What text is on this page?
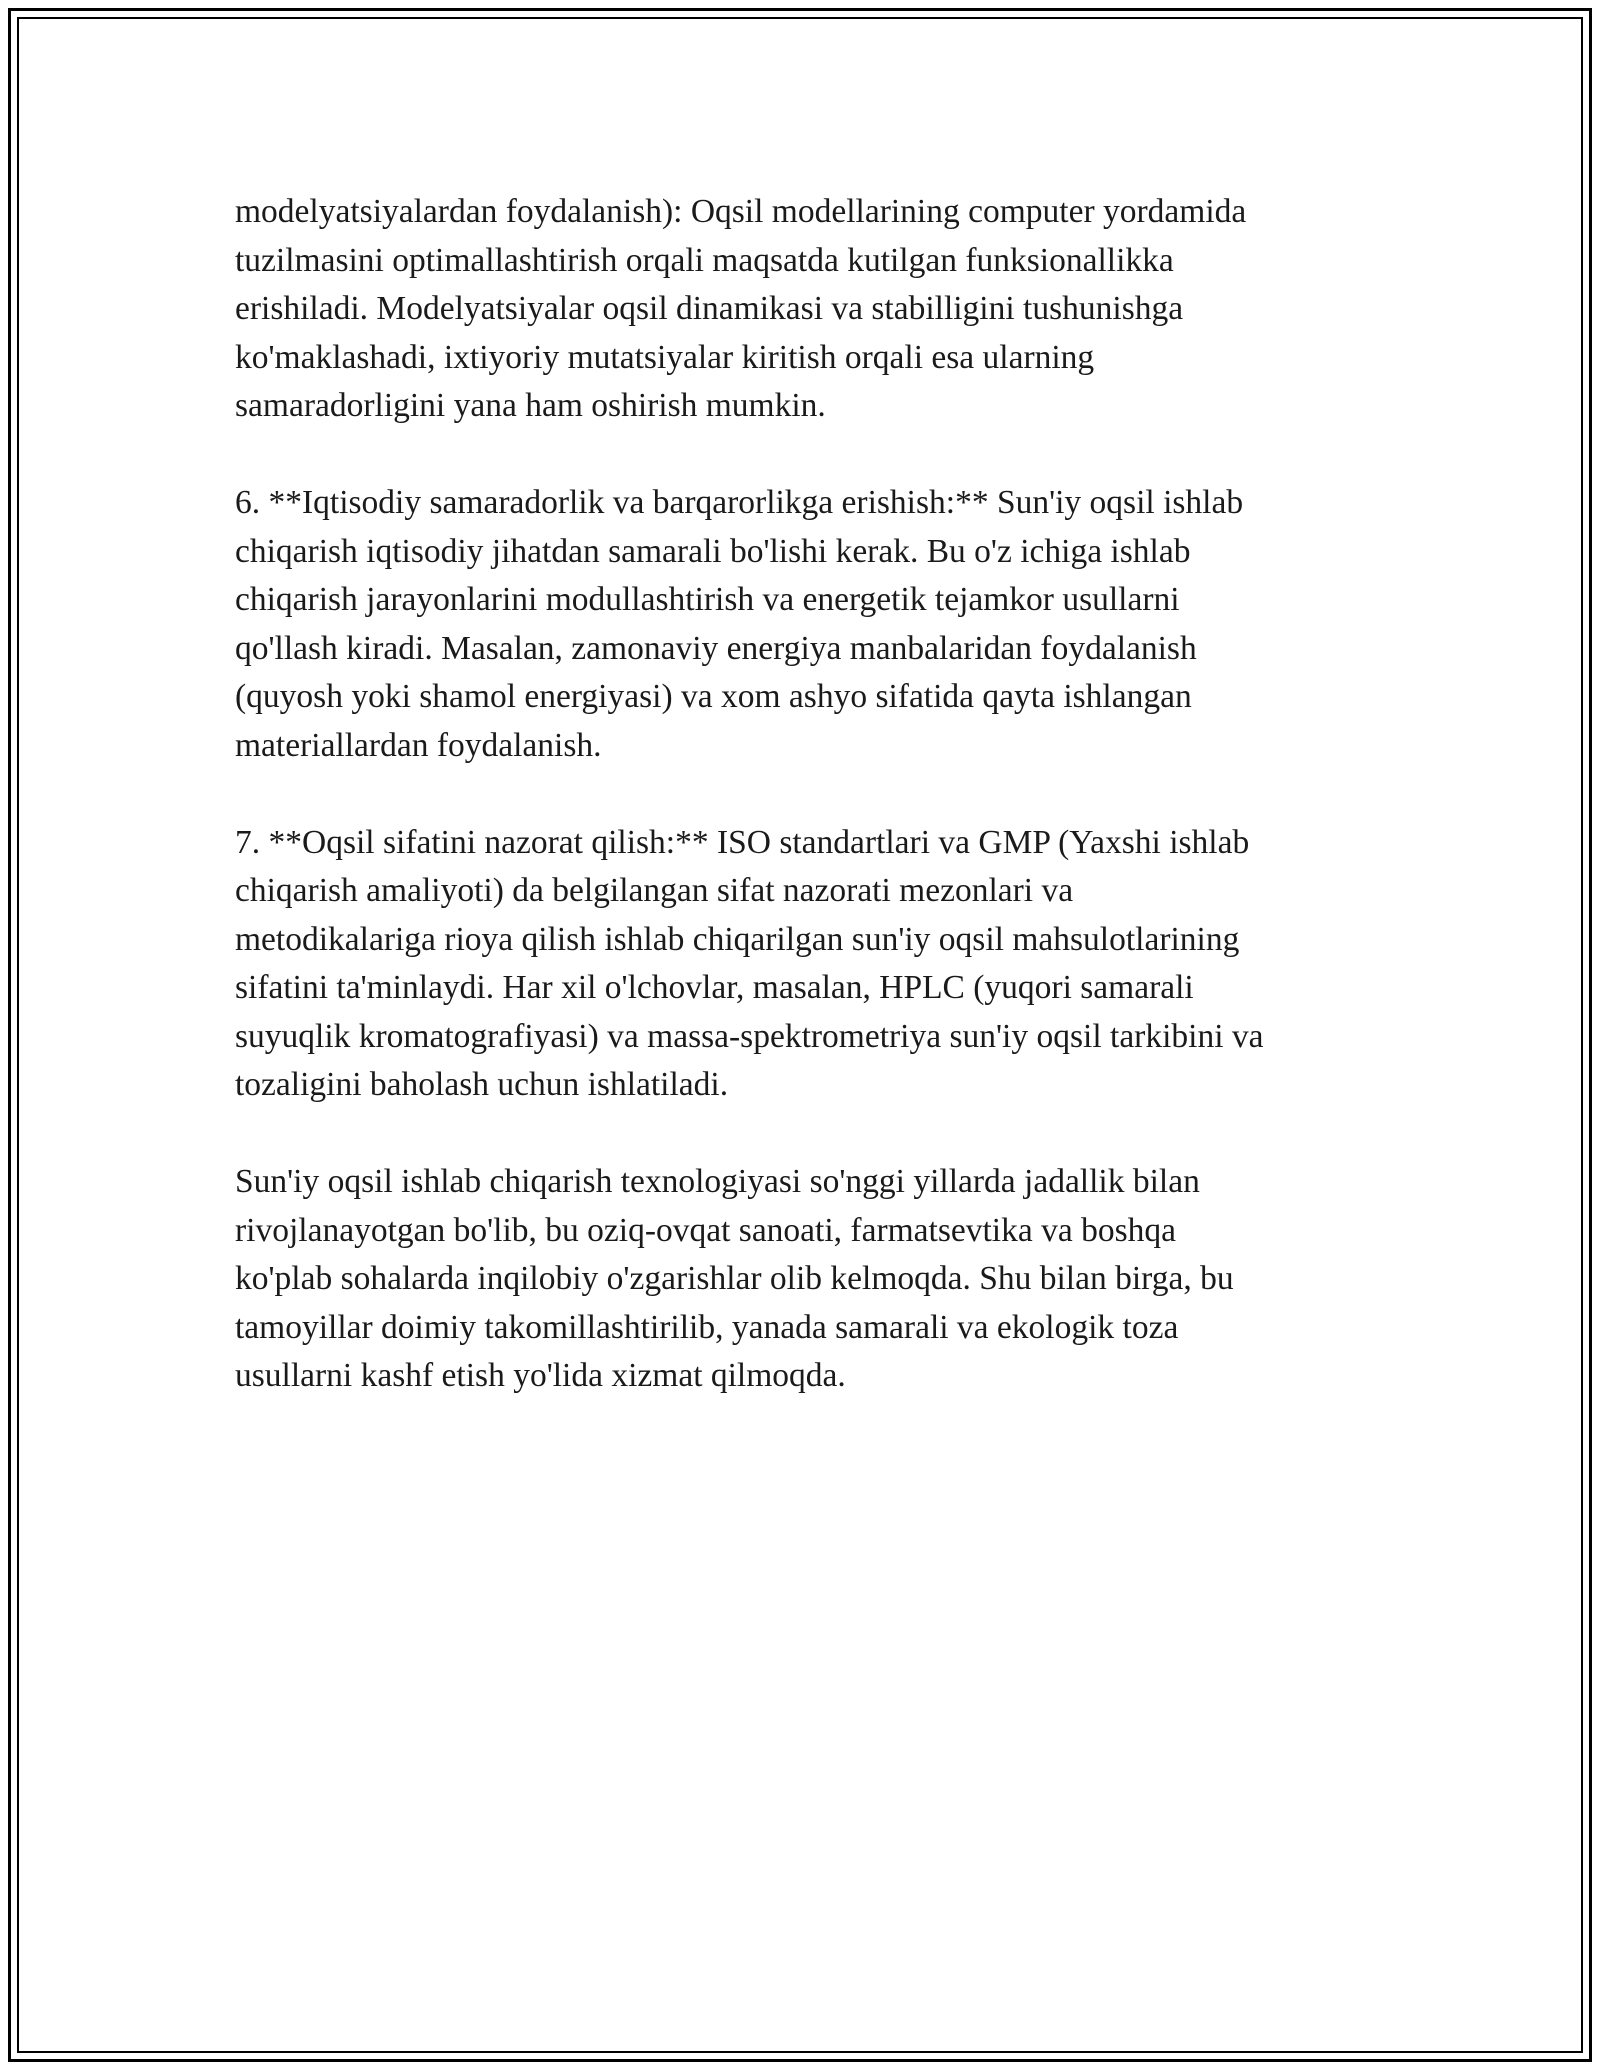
modelyatsiyalardan foydalanish): Oqsil modellarining computer yordamida
tuzilmasini optimallashtirish orqali maqsatda kutilgan funksionallikka
erishiladi. Modelyatsiyalar oqsil dinamikasi va stabilligini tushunishga
ko'maklashadi, ixtiyoriy mutatsiyalar kiritish orqali esa ularning
samaradorligini yana ham oshirish mumkin.

6. **Iqtisodiy samaradorlik va barqarorlikga erishish:** Sun'iy oqsil ishlab
chiqarish iqtisodiy jihatdan samarali bo'lishi kerak. Bu o'z ichiga ishlab
chiqarish jarayonlarini modullashtirish va energetik tejamkor usullarni
qo'llash kiradi. Masalan, zamonaviy energiya manbalaridan foydalanish
(quyosh yoki shamol energiyasi) va xom ashyo sifatida qayta ishlangan
materiallardan foydalanish.

7. **Oqsil sifatini nazorat qilish:** ISO standartlari va GMP (Yaxshi ishlab
chiqarish amaliyoti) da belgilangan sifat nazorati mezonlari va
metodikalariga rioya qilish ishlab chiqarilgan sun'iy oqsil mahsulotlarining
sifatini ta'minlaydi. Har xil o'lchovlar, masalan, HPLC (yuqori samarali
suyuqlik kromatografiyasi) va massa-spektrometriya sun'iy oqsil tarkibini va
tozaligini baholash uchun ishlatiladi.

Sun'iy oqsil ishlab chiqarish texnologiyasi so'nggi yillarda jadallik bilan
rivojlanayotgan bo'lib, bu oziq-ovqat sanoati, farmatsevtika va boshqa
ko'plab sohalarda inqilobiy o'zgarishlar olib kelmoqda. Shu bilan birga, bu
tamoyillar doimiy takomillashtirilib, yanada samarali va ekologik toza
usullarni kashf etish yo'lida xizmat qilmoqda.
